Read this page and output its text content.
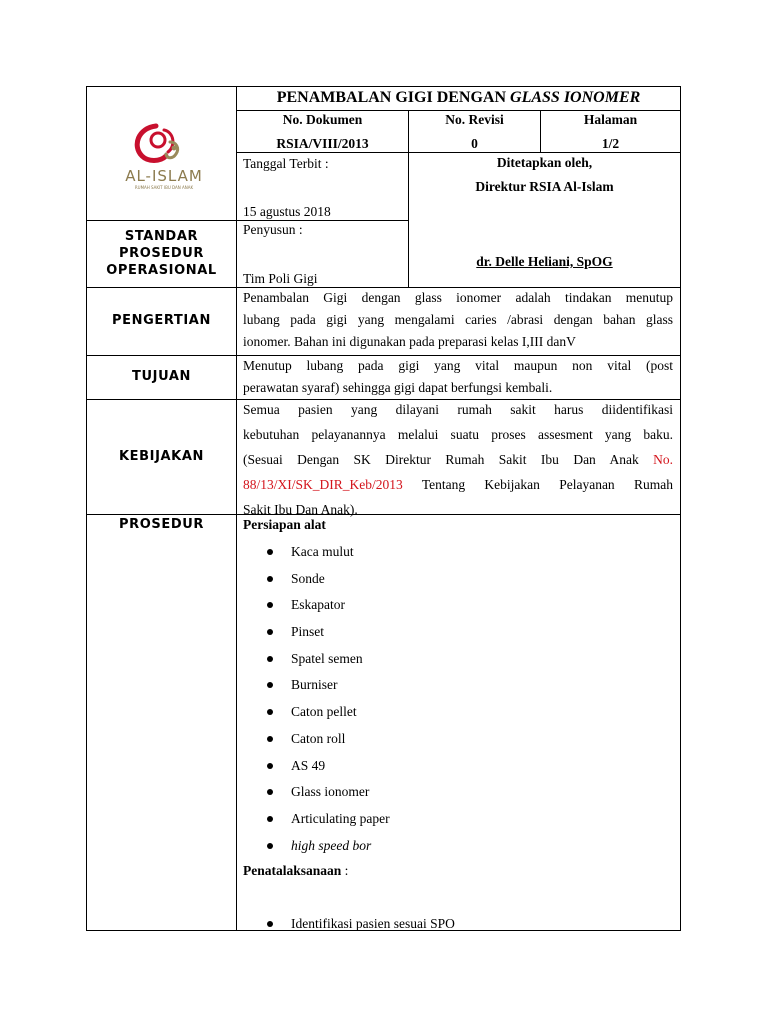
PENAMBALAN GIGI DENGAN GLASS IONOMER
No. Dokumen
RSIA/VIII/2013
No. Revisi
0
Halaman
1/2
Tanggal Terbit :
15 agustus 2018
Penyusun :
Tim Poli Gigi
Ditetapkan oleh,
Direktur RSIA Al-Islam
dr. Delle Heliani, SpOG
AL-ISLAM
RUMAH SAKIT IBU DAN ANAK
STANDAR
PROSEDUR
OPERASIONAL
PENGERTIAN
Penambalan Gigi dengan glass ionomer adalah tindakan menutup
lubang pada gigi yang mengalami caries /abrasi dengan bahan glass
ionomer. Bahan ini digunakan pada preparasi kelas I,III danV
TUJUAN
Menutup lubang pada gigi yang vital maupun non vital (post
perawatan syaraf) sehingga gigi dapat berfungsi kembali.
KEBIJAKAN
Semua pasien yang dilayani rumah sakit harus diidentifikasi
kebutuhan pelayanannya melalui suatu proses assesment yang baku.
(Sesuai Dengan SK Direktur Rumah Sakit Ibu Dan Anak No.
88/13/XI/SK_DIR_Keb/2013 Tentang Kebijakan Pelayanan Rumah
Sakit Ibu Dan Anak).
PROSEDUR	Persiapan alat
Kaca mulut
Sonde
Eskapator
Pinset
Spatel semen
Burniser
Caton pellet
Caton roll
AS 49
Glass ionomer
Articulating paper
high speed bor
Penatalaksanaan :
Identifikasi pasien sesuai SPO
